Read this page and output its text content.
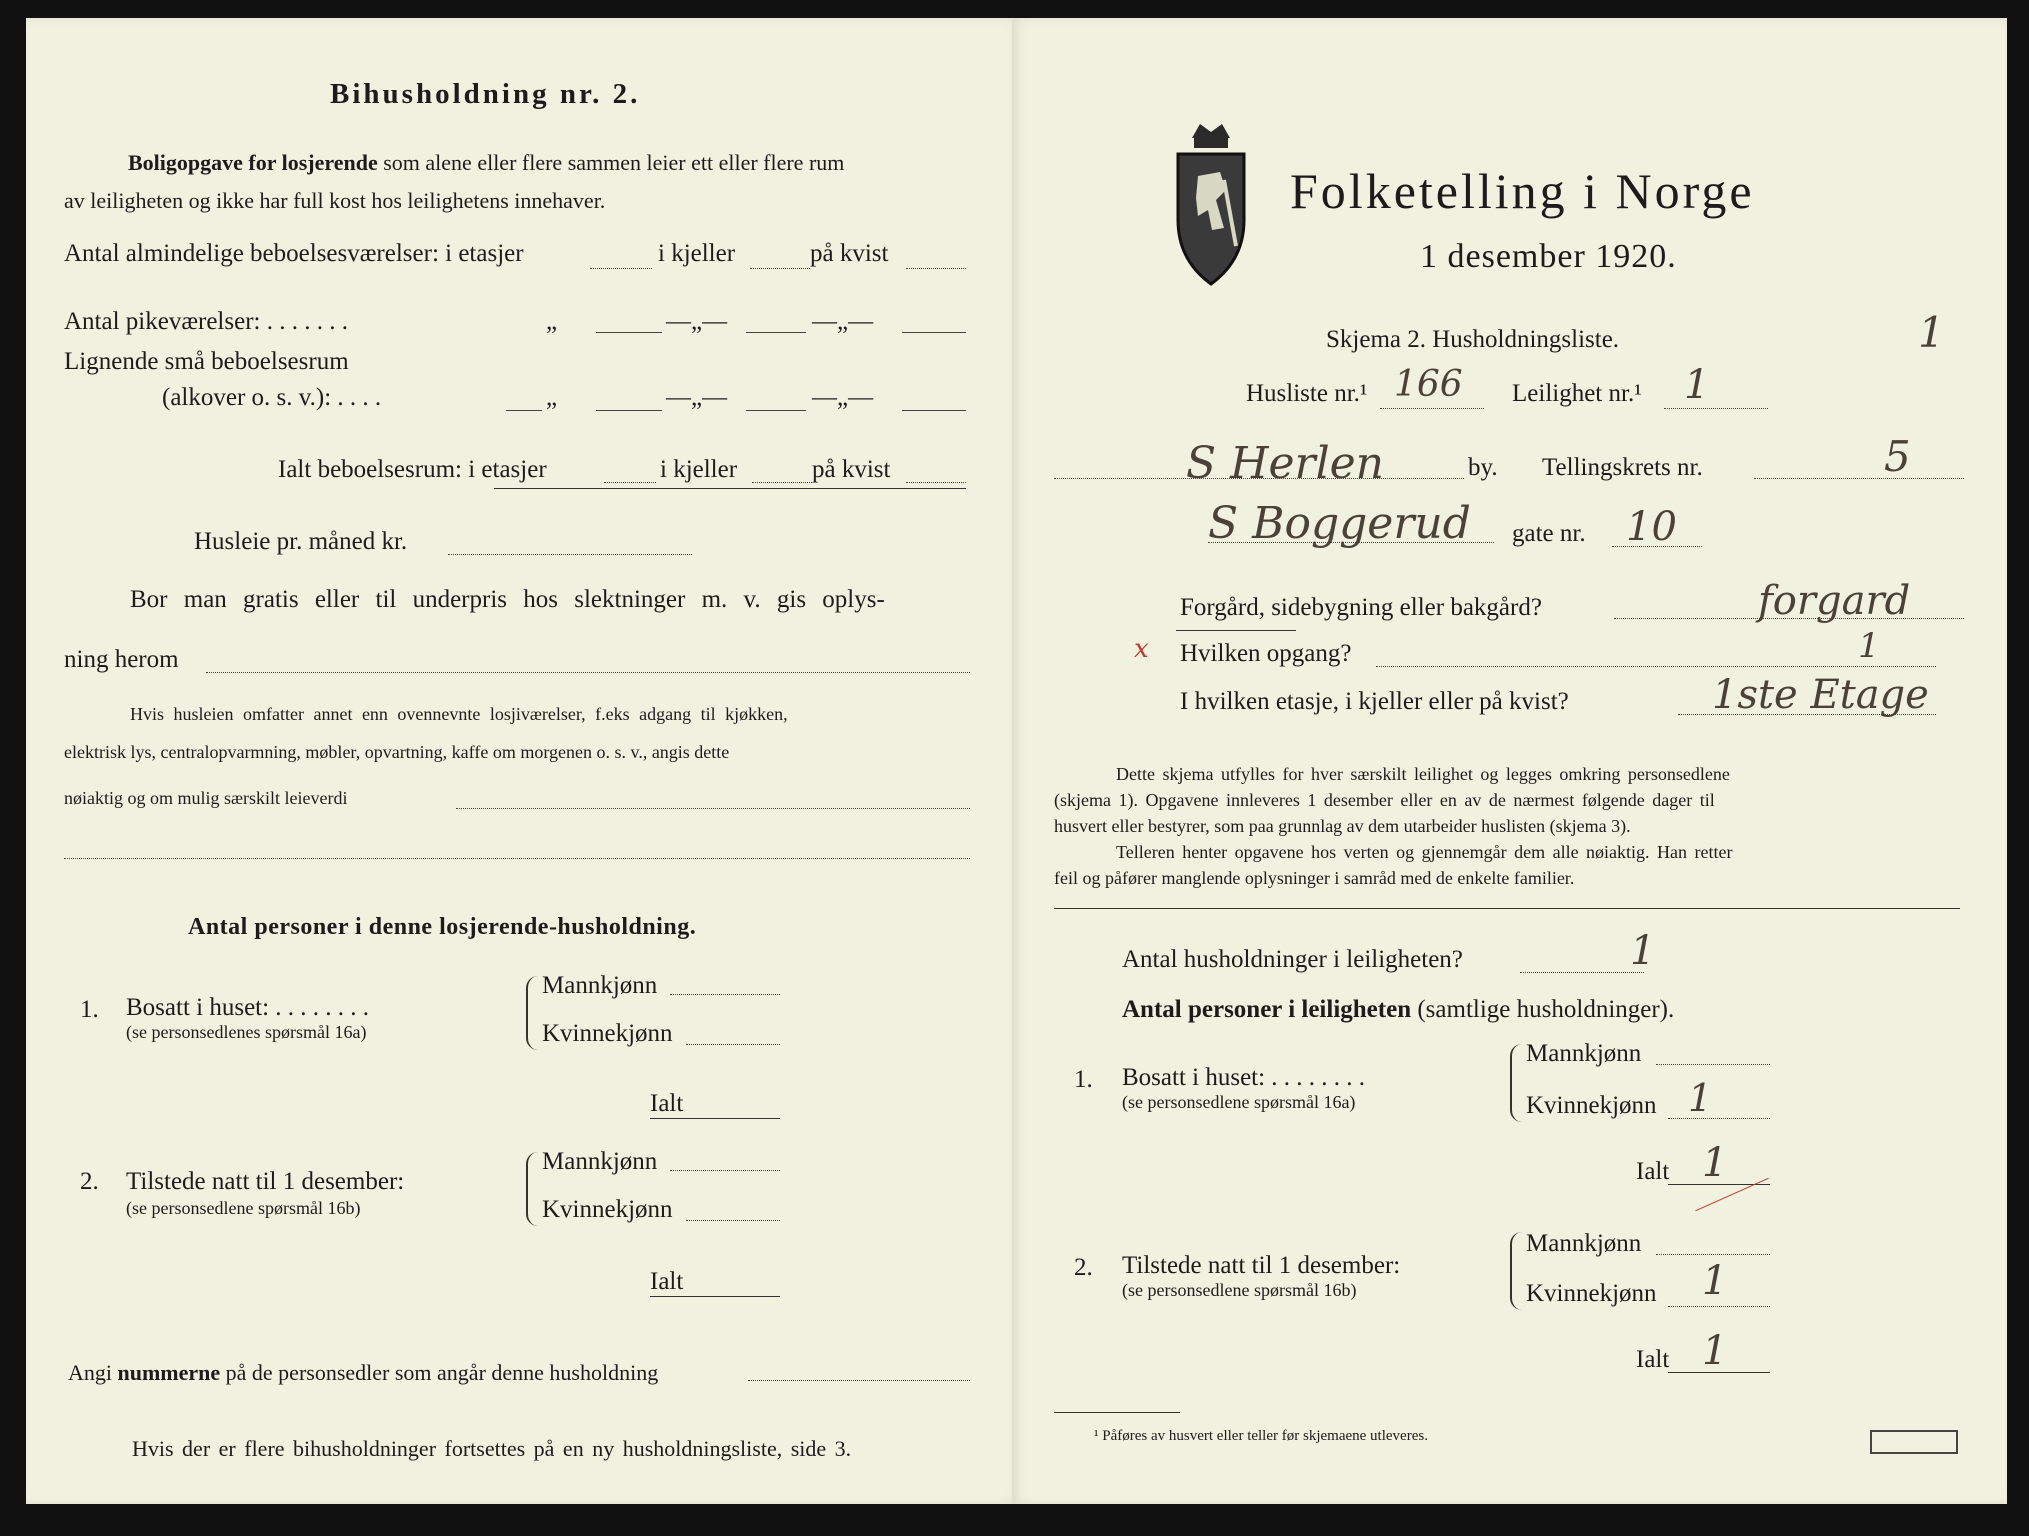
Bihusholdning nr. 2.
Boligopgave for losjerende som alene eller flere sammen leier ett eller flere rum
av leiligheten og ikke har full kost hos leilighetens innehaver.
Antal almindelige beboelsesværelser: i etasjer	i kjeller	på kvist
Antal pikeværelser: . . . . . . .	„	—„—	—„—
Lignende små beboelsesrum
(alkover o. s. v.): . . . .	„	—„—	—„—
Ialt beboelsesrum: i etasjer	i kjeller	på kvist
Husleie pr. måned kr.
Bor man gratis eller til underpris hos slektninger m. v. gis oplys-
ning herom
Hvis husleien omfatter annet enn ovennevnte losjiværelser, f.eks adgang til kjøkken,
elektrisk lys, centralopvarmning, møbler, opvartning, kaffe om morgenen o. s. v., angis dette
nøiaktig og om mulig særskilt leieverdi
Antal personer i denne losjerende-husholdning.
1. Bosatt i huset: . . . . . . . .
(se personsedlenes spørsmål 16a)
Mannkjønn
Kvinnekjønn
Ialt
2. Tilstede natt til 1 desember:
(se personsedlene spørsmål 16b)
Mannkjønn
Kvinnekjønn
Ialt
Angi nummerne på de personsedler som angår denne husholdning
Hvis der er flere bihusholdninger fortsettes på en ny husholdningsliste, side 3.
Folketelling i Norge
1 desember 1920.
Skjema 2. Husholdningsliste.	1
Husliste nr.¹ 166 Leilighet nr.¹ 1
S Herlen	by. Tellingskrets nr.	5
S Boggerud gate nr. 10
Forgård, sidebygning eller bakgård?	forgard
x Hvilken opgang?	1
I hvilken etasje, i kjeller eller på kvist?	1ste Etage
Dette skjema utfylles for hver særskilt leilighet og legges omkring personsedlene
(skjema 1). Opgavene innleveres 1 desember eller en av de nærmest følgende dager til
husvert eller bestyrer, som paa grunnlag av dem utarbeider huslisten (skjema 3).
Telleren henter opgavene hos verten og gjennemgår dem alle nøiaktig. Han retter
feil og påfører manglende oplysninger i samråd med de enkelte familier.
Antal husholdninger i leiligheten?	1
Antal personer i leiligheten (samtlige husholdninger).
1. Bosatt i huset: . . . . . . . .
(se personsedlene spørsmål 16a)
Mannkjønn
Kvinnekjønn 1
Ialt 1
2. Tilstede natt til 1 desember:
(se personsedlene spørsmål 16b)
Mannkjønn
Kvinnekjønn 1
Ialt 1
¹ Påføres av husvert eller teller før skjemaene utleveres.
